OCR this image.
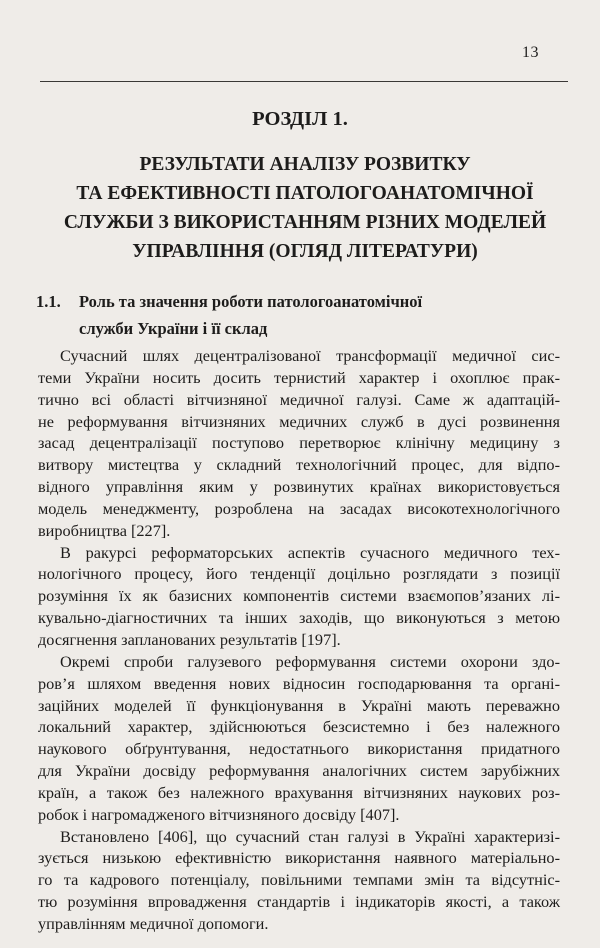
13
РОЗДІЛ 1.
РЕЗУЛЬТАТИ АНАЛІЗУ РОЗВИТКУ
ТА ЕФЕКТИВНОСТІ ПАТОЛОГОАНАТОМІЧНОЇ
СЛУЖБИ З ВИКОРИСТАННЯМ РІЗНИХ МОДЕЛЕЙ
УПРАВЛІННЯ (ОГЛЯД ЛІТЕРАТУРИ)
1.1.	Роль та значення роботи патологоанатомічної
служби України і її склад

Сучасний шлях децентралізованої трансформації медичної сис-
теми України носить досить тернистий характер і охоплює прак-
тично всі області вітчизняної медичної галузі. Саме ж адаптацій-
не реформування вітчизняних медичних служб в дусі розвинення
засад децентралізації поступово перетворює клінічну медицину з
витвору мистецтва у складний технологічний процес, для відпо-
відного управління яким у розвинутих країнах використовується
модель менеджменту, розроблена на засадах високотехнологічного
виробництва [227].

В ракурсі реформаторських аспектів сучасного медичного тех-
нологічного процесу, його тенденції доцільно розглядати з позиції
розуміння їх як базисних компонентів системи взаємопов’язаних лі-
кувально-діагностичних та інших заходів, що виконуються з метою
досягнення запланованих результатів [197].

Окремі спроби галузевого реформування системи охорони здо-
ров’я шляхом введення нових відносин господарювання та органі-
заційних моделей її функціонування в Україні мають переважно
локальний характер, здійснюються безсистемно і без належного
наукового обґрунтування, недостатнього використання придатного
для України досвіду реформування аналогічних систем зарубіжних
країн, а також без належного врахування вітчизняних наукових роз-
робок і нагромадженого вітчизняного досвіду [407].

Встановлено [406], що сучасний стан галузі в Україні характеризі-
зується низькою ефективністю використання наявного матеріально-
го та кадрового потенціалу, повільними темпами змін та відсутніс-
тю розуміння впровадження стандартів і індикаторів якості, а також
управлінням медичної допомоги.
